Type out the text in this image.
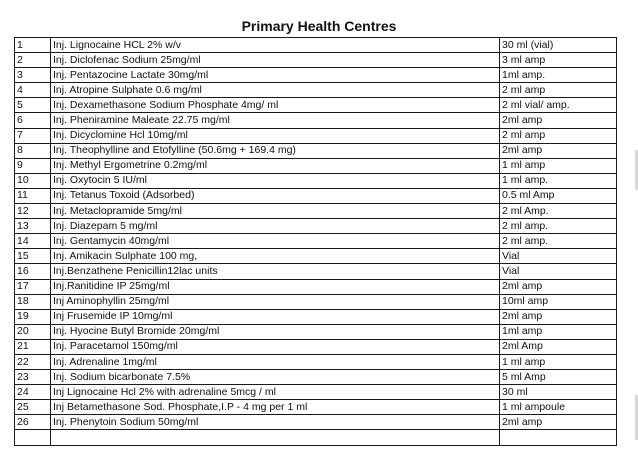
Primary Health Centres
1	Inj. Lignocaine HCL 2% w/v	30 ml (vial)
2	Inj. Diclofenac Sodium 25mg/ml	3 ml amp
3	Inj. Pentazocine Lactate 30mg/ml	1ml amp.
4	Inj. Atropine Sulphate 0.6 mg/ml	2 ml amp
5	Inj. Dexamethasone Sodium Phosphate 4mg/ ml	2 ml vial/ amp.
6	Inj. Pheniramine Maleate 22.75 mg/ml	2ml amp
7	Inj. Dicyclomine Hcl 10mg/ml	2 ml amp
8	Inj. Theophylline and Etofylline (50.6mg + 169.4 mg)	2ml amp
9	Inj. Methyl Ergometrine 0.2mg/ml	1 ml amp
10	Inj. Oxytocin 5 IU/ml	1 ml amp.
11	Inj. Tetanus Toxoid (Adsorbed)	0.5 ml Amp
12	Inj. Metaclopramide 5mg/ml	2 ml Amp.
13	Inj. Diazepam 5 mg/ml	2 ml amp.
14	Inj. Gentamycin 40mg/ml	2 ml amp.
15	Inj. Amikacin Sulphate 100 mg,	Vial
16	Inj.Benzathene Penicillin12lac units	Vial
17	Inj.Ranitidine IP 25mg/ml	2ml amp
18	Inj Aminophyllin 25mg/ml	10ml amp
19	Inj Frusemide IP 10mg/ml	2ml amp
20	Inj. Hyocine Butyl Bromide 20mg/ml	1ml amp
21	Inj. Paracetamol 150mg/ml	2ml Amp
22	Inj. Adrenaline 1mg/ml	1 ml amp
23	Inj. Sodium bicarbonate 7.5%	5 ml Amp
24	Inj Lignocaine Hcl 2% with adrenaline 5mcg / ml	30 ml
25	Inj Betamethasone Sod. Phosphate,I.P - 4 mg per 1 ml	1 ml ampoule
26	Inj. Phenytoin Sodium 50mg/ml	2ml amp
